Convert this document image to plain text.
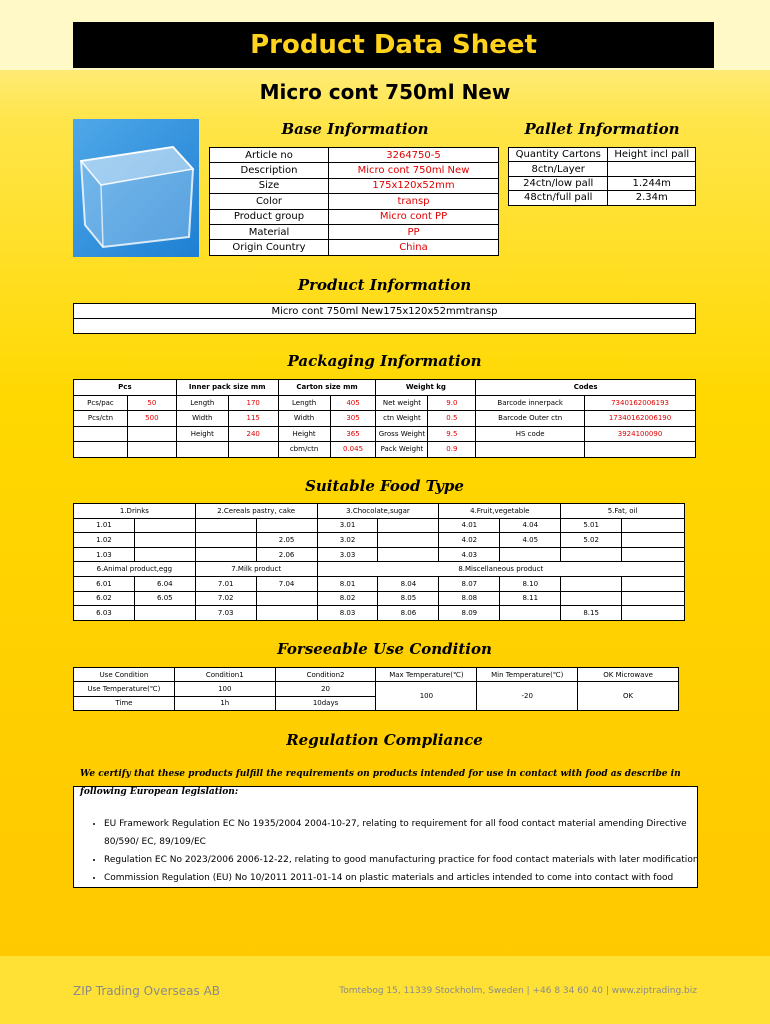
Product Data Sheet
Micro cont 750ml New
Base Information	Pallet Information
Article no	3264750-5
Description	Micro cont 750ml New
Size	175x120x52mm
Color	transp
Product group	Micro cont PP
Material	PP
Origin Country	China
Quantity Cartons	Height incl pall
8ctn/Layer	
24ctn/low pall	1.244m
48ctn/full pall	2.34m
Product Information
Micro cont 750ml New175x120x52mmtransp

Packaging Information
Pcs		Inner pack size mm		Carton size mm		Weight kg		Codes	
Pcs/pac	50	Length	170	Length	405	Net weight	9.0	Barcode innerpack	7340162006193
Pcs/ctn	500	Width	115	Width	305	ctn Weight	0.5	Barcode Outer ctn	17340162006190
		Height	240	Height	365	Gross Weight	9.5	HS code	3924100090
				cbm/ctn	0.045	Pack Weight	0.9		
Suitable Food Type
1.Drinks		2.Cereals pastry, cake		3.Chocolate,sugar		4.Fruit,vegetable		5.Fat, oil	
1.01				3.01		4.01	4.04	5.01	
1.02			2.05	3.02		4.02	4.05	5.02	
1.03			2.06	3.03		4.03			
6.Animal product,egg		7.Milk product		8.Miscellaneous product					
6.01	6.04	7.01	7.04	8.01	8.04	8.07	8.10		
6.02	6.05	7.02		8.02	8.05	8.08	8.11		
6.03		7.03		8.03	8.06	8.09		8.15	
Forseeable Use Condition
Use Condition	Condition1	Condition2	Max Temperature(℃)	Min Temperature(℃)	OK Microwave
Use Temperature(℃)	100	20	100	-20	OK
Time	1h	10days			
Regulation Compliance
We certify that these products fulfill the requirements on products intended for use in contact with food as describe in following European legislation:
• EU Framework Regulation EC No 1935/2004 2004-10-27, relating to requirement for all food contact material amending Directive 80/590/ EC, 89/109/EC
• Regulation EC No 2023/2006 2006-12-22, relating to good manufacturing practice for food contact materials with later modification
• Commission Regulation (EU) No 10/2011 2011-01-14 on plastic materials and articles intended to come into contact with food
ZIP Trading Overseas AB	Tomtebog 15, 11339 Stockholm, Sweden | +46 8 34 60 40 | www.ziptrading.biz
